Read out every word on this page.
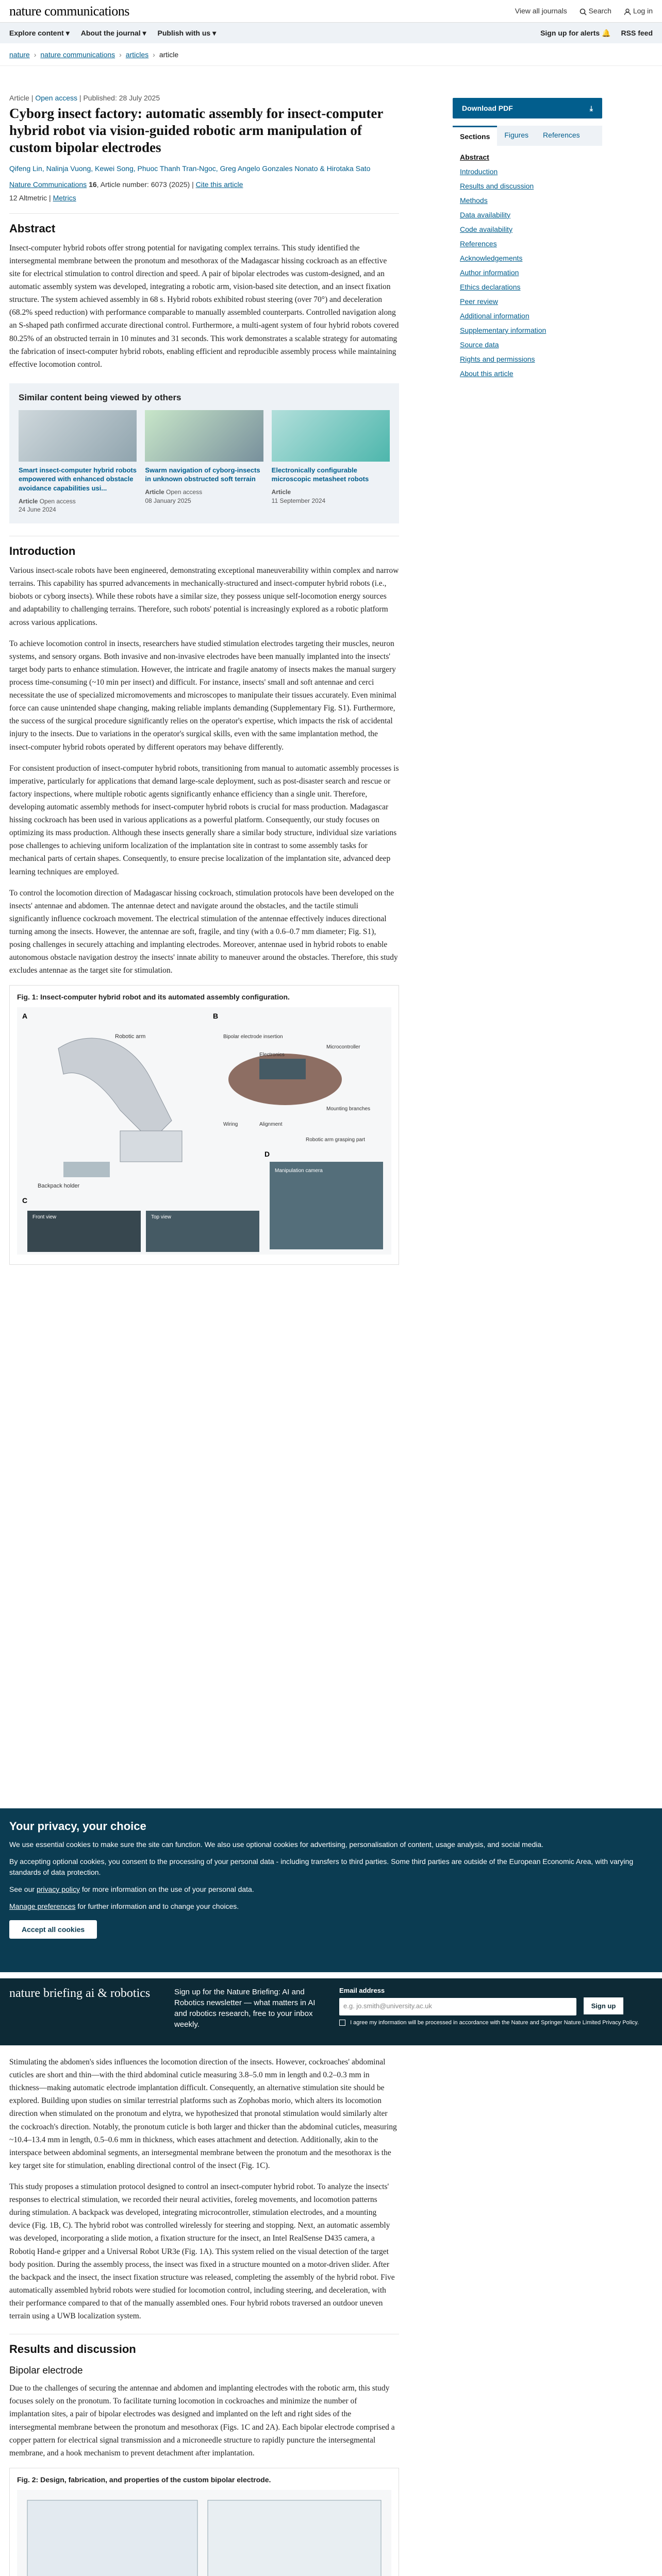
nature communications	View all journals	Search	Log in
Explore content ▾ About the journal ▾ Publish with us ▾	Sign up for alerts 🔔 RSS feed
nature › nature communications › articles › article
Article | Open access | Published: 28 July 2025
Cyborg insect factory: automatic assembly for insect-computer hybrid robot via vision-guided robotic arm manipulation of custom bipolar electrodes
Qifeng Lin, Nalinja Vuong, Kewei Song, Phuoc Thanh Tran-Ngoc, Greg Angelo Gonzales Nonato & Hirotaka Sato
Nature Communications 16, Article number: 6073 (2025) | Cite this article
12 Altmetric | Metrics
Abstract

Insect-computer hybrid robots offer strong potential for navigating complex terrains. This study identified the intersegmental membrane between the pronotum and mesothorax of the Madagascar hissing cockroach as an effective site for electrical stimulation to control direction and speed. A pair of bipolar electrodes was custom-designed, and an automatic assembly system was developed, integrating a robotic arm, vision-based site detection, and an insect fixation structure. The system achieved assembly in 68 s. Hybrid robots exhibited robust steering (over 70°) and deceleration (68.2% speed reduction) with performance comparable to manually assembled counterparts. Controlled navigation along an S-shaped path confirmed accurate directional control. Furthermore, a multi-agent system of four hybrid robots covered 80.25% of an obstructed terrain in 10 minutes and 31 seconds. This work demonstrates a scalable strategy for automating the fabrication of insect-computer hybrid robots, enabling efficient and reproducible assembly process while maintaining effective locomotion control.

Similar content being viewed by others
Smart insect-computer hybrid robots empowered with enhanced obstacle avoidance capabilities usi...
Article Open access
24 June 2024
Swarm navigation of cyborg-insects in unknown obstructed soft terrain
Article Open access
08 January 2025
Electronically configurable microscopic metasheet robots
Article
11 September 2024
Introduction

Various insect-scale robots have been engineered, demonstrating exceptional maneuverability within complex and narrow terrains. This capability has spurred advancements in mechanically-structured and insect-computer hybrid robots (i.e., biobots or cyborg insects). While these robots have a similar size, they possess unique self-locomotion energy sources and adaptability to challenging terrains. Therefore, such robots' potential is increasingly explored as a robotic platform across various applications.

To achieve locomotion control in insects, researchers have studied stimulation electrodes targeting their muscles, neuron systems, and sensory organs. Both invasive and non-invasive electrodes have been manually implanted into the insects' target body parts to enhance stimulation. However, the intricate and fragile anatomy of insects makes the manual surgery process time-consuming (~10 min per insect) and difficult. For instance, insects' small and soft antennae and cerci necessitate the use of specialized micromovements and microscopes to manipulate their tissues accurately. Even minimal force can cause unintended shape changing, making reliable implants demanding (Supplementary Fig. S1). Furthermore, the success of the surgical procedure significantly relies on the operator's expertise, which impacts the risk of accidental injury to the insects. Due to variations in the operator's surgical skills, even with the same implantation method, the insect-computer hybrid robots operated by different operators may behave differently.

For consistent production of insect-computer hybrid robots, transitioning from manual to automatic assembly processes is imperative, particularly for applications that demand large-scale deployment, such as post-disaster search and rescue or factory inspections, where multiple robotic agents significantly enhance efficiency than a single unit. Therefore, developing automatic assembly methods for insect-computer hybrid robots is crucial for mass production. Madagascar hissing cockroach has been used in various applications as a powerful platform. Consequently, our study focuses on optimizing its mass production. Although these insects generally share a similar body structure, individual size variations pose challenges to achieving uniform localization of the implantation site in contrast to some assembly tasks for mechanical parts of certain shapes. Consequently, to ensure precise localization of the implantation site, advanced deep learning techniques are employed.

To control the locomotion direction of Madagascar hissing cockroach, stimulation protocols have been developed on the insects' antennae and abdomen. The antennae detect and navigate around the obstacles, and the tactile stimuli significantly influence cockroach movement. The electrical stimulation of the antennae effectively induces directional turning among the insects. However, the antennae are soft, fragile, and tiny (with a 0.6–0.7 mm diameter; Fig. S1), posing challenges in securely attaching and implanting electrodes. Moreover, antennae used in hybrid robots to enable autonomous obstacle navigation destroy the insects' innate ability to maneuver around the obstacles. Therefore, this study excludes antennae as the target site for stimulation.

Fig. 1: Insect-computer hybrid robot and its automated assembly configuration.
A
Robotic arm
Backpack holder
B
Electronics
Bipolar electrode insertion
Microcontroller
Mounting branches
Wiring	Alignment
Robotic arm grasping part
C
Front view	Top view
D
Manipulation camera
Download PDF	⤓
Sections	Figures	References
Abstract
Introduction
Results and discussion
Methods
Data availability
Code availability
References
Acknowledgements
Author information
Ethics declarations
Peer review
Additional information
Supplementary information
Source data
Rights and permissions
About this article
Your privacy, your choice

We use essential cookies to make sure the site can function. We also use optional cookies for advertising, personalisation of content, usage analysis, and social media.

By accepting optional cookies, you consent to the processing of your personal data - including transfers to third parties. Some third parties are outside of the European Economic Area, with varying standards of data protection.

See our privacy policy for more information on the use of your personal data.

Manage preferences for further information and to change your choices.

Accept all cookies
nature briefing ai & robotics	Sign up for the Nature Briefing: AI and Robotics newsletter — what matters in AI and robotics research, free to your inbox weekly.
Email address
e.g. jo.smith@university.ac.uk	Sign up
I agree my information will be processed in accordance with the Nature and Springer Nature Limited Privacy Policy.

Stimulating the abdomen's sides influences the locomotion direction of the insects. However, cockroaches' abdominal cuticles are short and thin—with the third abdominal cuticle measuring 3.8–5.0 mm in length and 0.2–0.3 mm in thickness—making automatic electrode implantation difficult. Consequently, an alternative stimulation site should be explored. Building upon studies on similar terrestrial platforms such as Zophobas morio, which alters its locomotion direction when stimulated on the pronotum and elytra, we hypothesized that pronotal stimulation would similarly alter the cockroach's direction. Notably, the pronotum cuticle is both larger and thicker than the abdominal cuticles, measuring ~10.4–13.4 mm in length, 0.5–0.6 mm in thickness, which eases attachment and detection. Additionally, akin to the interspace between abdominal segments, an intersegmental membrane between the pronotum and the mesothorax is the key target site for stimulation, enabling directional control of the insect (Fig. 1C).

This study proposes a stimulation protocol designed to control an insect-computer hybrid robot. To analyze the insects' responses to electrical stimulation, we recorded their neural activities, foreleg movements, and locomotion patterns during stimulation. A backpack was developed, integrating microcontroller, stimulation electrodes, and a mounting device (Fig. 1B, C). The hybrid robot was controlled wirelessly for steering and stopping. Next, an automatic assembly was developed, incorporating a slide motion, a fixation structure for the insect, an Intel RealSense D435 camera, a Robotiq Hand-e gripper and a Universal Robot UR3e (Fig. 1A). This system relied on the visual detection of the target body position. During the assembly process, the insect was fixed in a structure mounted on a motor-driven slider. After the backpack and the insect, the insect fixation structure was released, completing the assembly of the hybrid robot. Five automatically assembled hybrid robots were studied for locomotion control, including steering, and deceleration, with their performance compared to that of the manually assembled ones. Four hybrid robots traversed an outdoor uneven terrain using a UWB localization system.

Results and discussion
Bipolar electrode

Due to the challenges of securing the antennae and abdomen and implanting electrodes with the robotic arm, this study focuses solely on the pronotum. To facilitate turning locomotion in cockroaches and minimize the number of implantation sites, a pair of bipolar electrodes was designed and implanted on the left and right sides of the intersegmental membrane between the pronotum and mesothorax (Figs. 1C and 2A). Each bipolar electrode comprised a copper pattern for electrical signal transmission and a microneedle structure to rapidly puncture the intersegmental membrane, and a hook mechanism to prevent detachment after implantation.

Fig. 2: Design, fabrication, and properties of the custom bipolar electrode.
